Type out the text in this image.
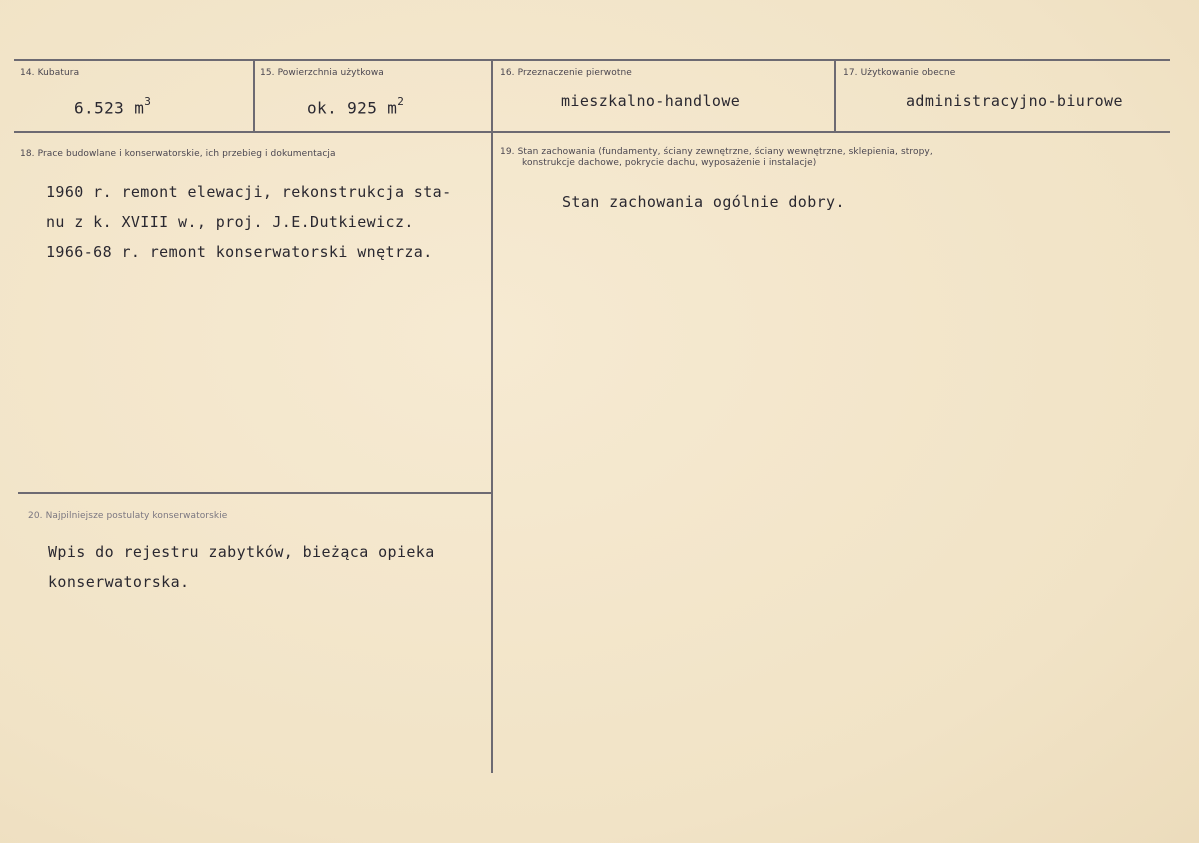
14. Kubatura
6.523 $m^3$
15. Powierzchnia użytkowa
ok. 925 $m^2$
16. Przeznaczenie pierwotne
mieszkalno-handlowe
17. Użytkowanie obecne
administracyjno-biurowe
18. Prace budowlane i konserwatorskie, ich przebieg i dokumentacja
1960 r. remont elewacji, rekonstrukcja sta-
nu z k. XVIII w., proj. J.E.Dutkiewicz.
1966-68 r. remont konserwatorski wnętrza.
19. Stan zachowania (fundamenty, ściany zewnętrzne, ściany wewnętrzne, sklepienia, stropy,
konstrukcje dachowe, pokrycie dachu, wyposażenie i instalacje)
Stan zachowania ogólnie dobry.
20. Najpilniejsze postulaty konserwatorskie
Wpis do rejestru zabytków, bieżąca opieka
konserwatorska.
